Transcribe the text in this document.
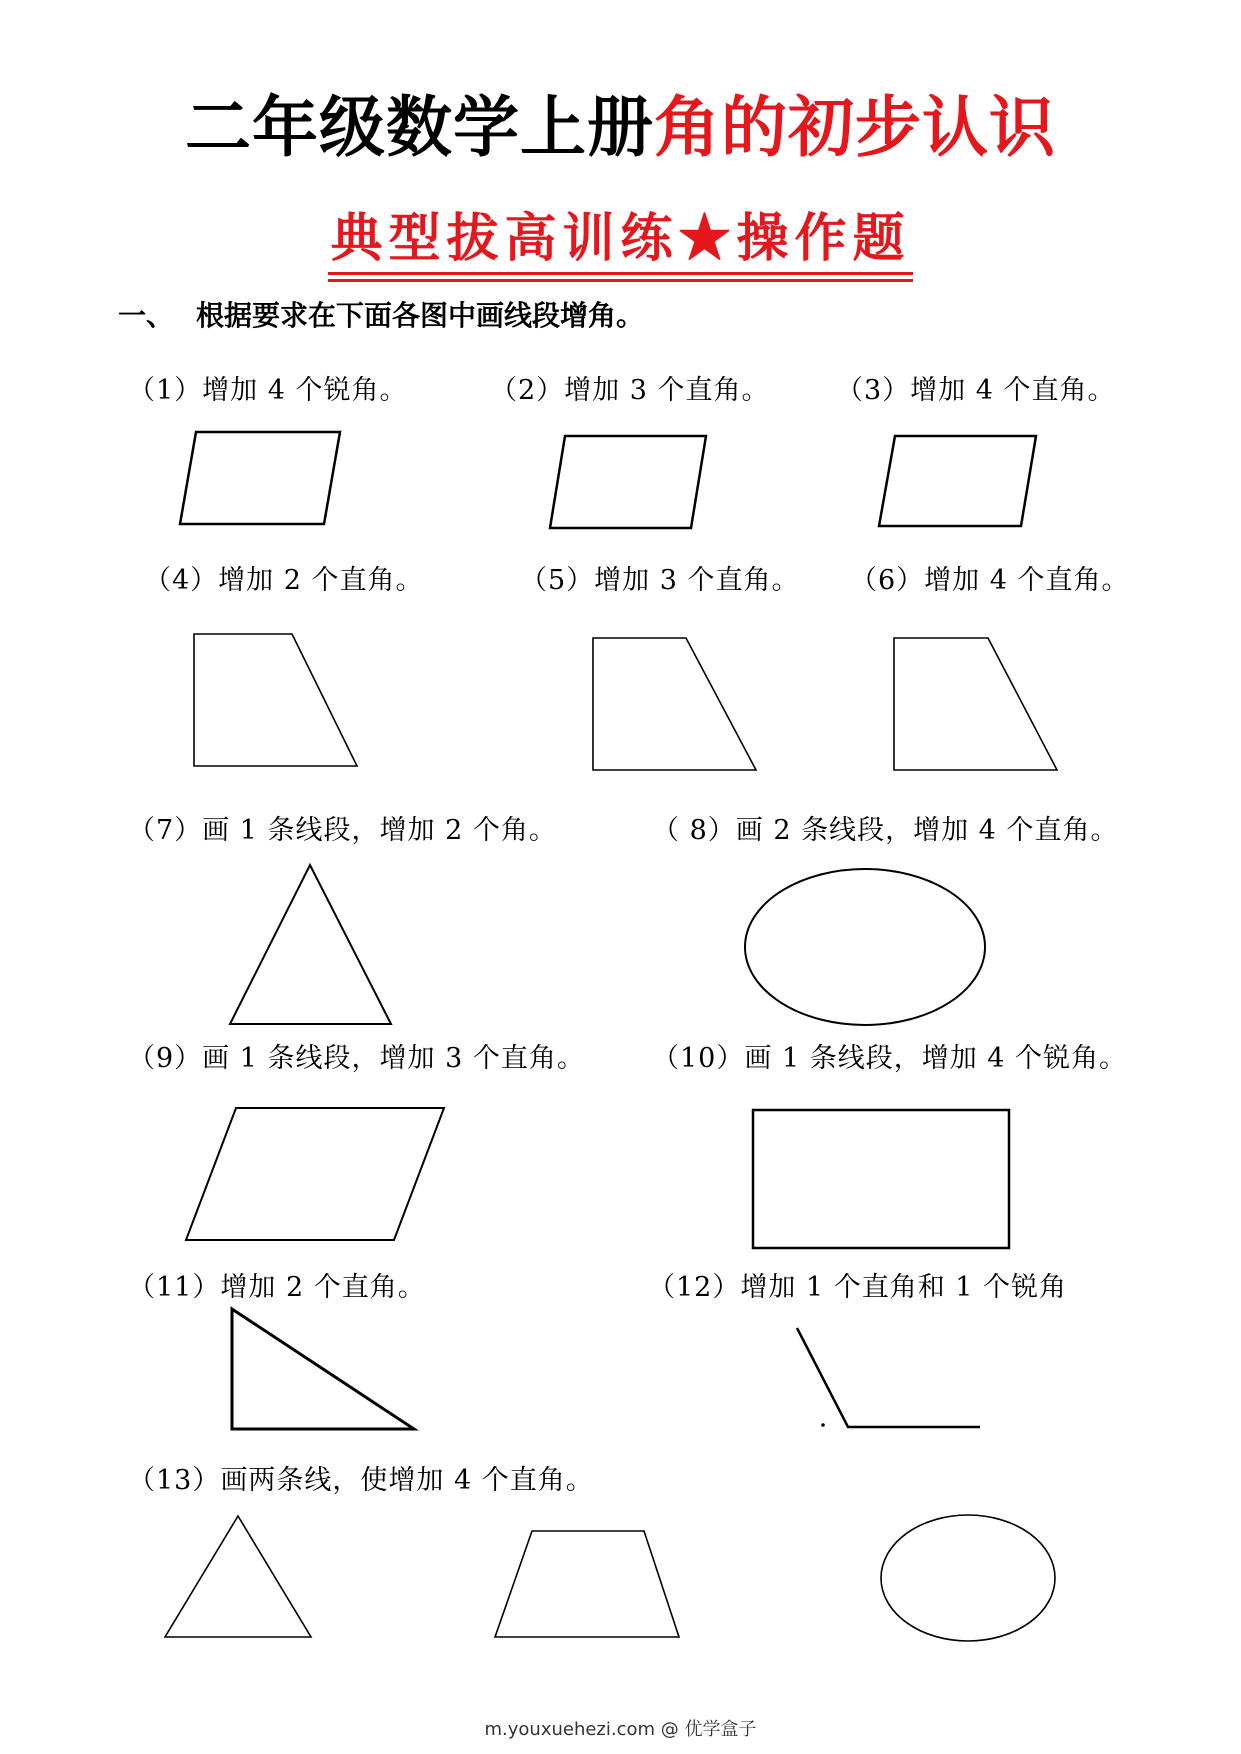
二年级数学上册角的初步认识
典型拔高训练★操作题
一、 根据要求在下面各图中画线段增角。
（1）增加 4 个锐角。	（2）增加 3 个直角。 （3）增加 4 个直角。
（4）增加 2 个直角。	（5）增加 3 个直角。 （6）增加 4 个直角。
（7）画 1 条线段，增加 2 个角。	（ 8）画 2 条线段，增加 4 个直角。
（9）画 1 条线段，增加 3 个直角。 （10）画 1 条线段，增加 4 个锐角。
（11）增加 2 个直角。	（12）增加 1 个直角和 1 个锐角
（13）画两条线，使增加 4 个直角。
m.youxuehezi.com @ 优学盒子
